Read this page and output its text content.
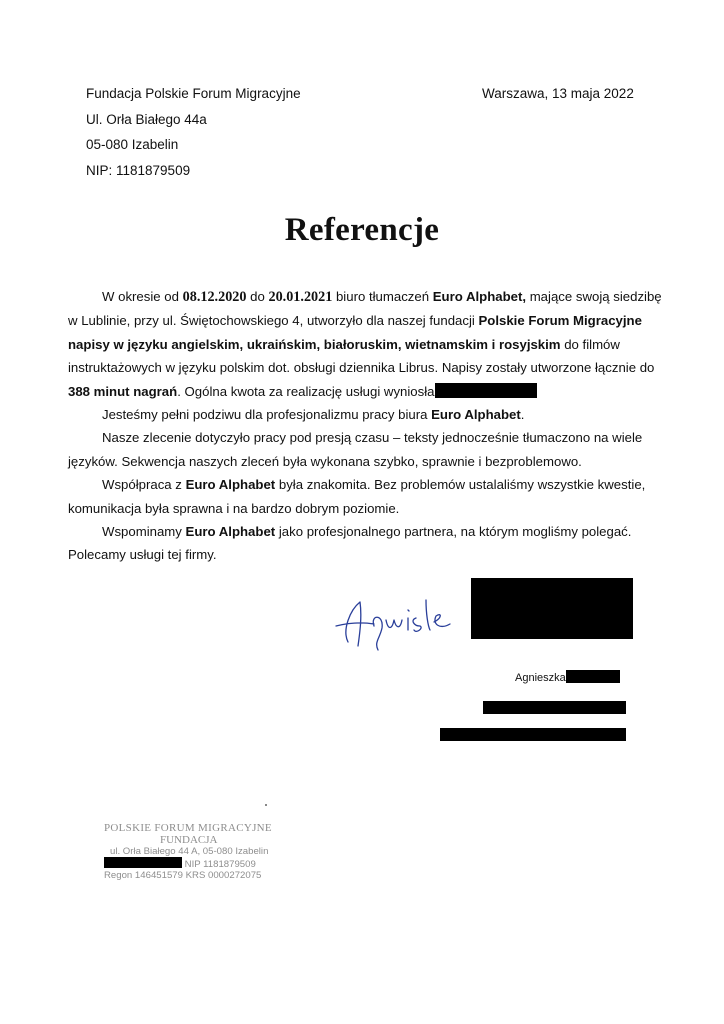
Fundacja Polskie Forum Migracyjne
Ul. Orła Białego 44a
05-080 Izabelin
NIP: 1181879509
Warszawa, 13 maja 2022
Referencje

W okresie od 08.12.2020 do 20.01.2021 biuro tłumaczeń Euro Alphabet, mające swoją siedzibę w Lublinie, przy ul. Świętochowskiego 4, utworzyło dla naszej fundacji Polskie Forum Migracyjne napisy w języku angielskim, ukraińskim, białoruskim, wietnamskim i rosyjskim do filmów instruktażowych w języku polskim dot. obsługi dziennika Librus. Napisy zostały utworzone łącznie do 388 minut nagrań. Ogólna kwota za realizację usługi wyniosła

Jesteśmy pełni podziwu dla profesjonalizmu pracy biura Euro Alphabet.

Nasze zlecenie dotyczyło pracy pod presją czasu – teksty jednocześnie tłumaczono na wiele języków. Sekwencja naszych zleceń była wykonana szybko, sprawnie i bezproblemowo.

Współpraca z Euro Alphabet była znakomita. Bez problemów ustalaliśmy wszystkie kwestie, komunikacja była sprawna i na bardzo dobrym poziomie.

Wspominamy Euro Alphabet jako profesjonalnego partnera, na którym mogliśmy polegać. Polecamy usługi tej firmy.

Agnieszka
POLSKIE FORUM MIGRACYJNE
FUNDACJA
ul. Orła Białego 44 A, 05-080 Izabelin
NIP 1181879509
Regon 146451579 KRS 0000272075
